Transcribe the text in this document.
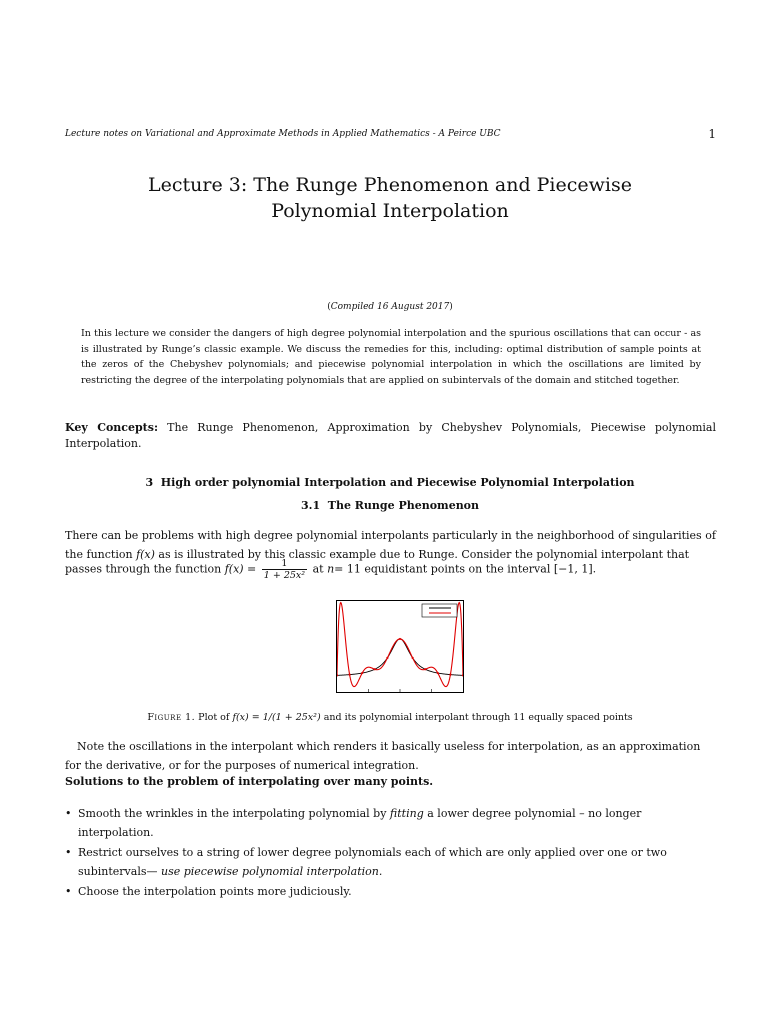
Lecture notes on Variational and Approximate Methods in Applied Mathematics - A Peirce UBC	1
Lecture 3: The Runge Phenomenon and Piecewise
Polynomial Interpolation
(Compiled 16 August 2017)
In this lecture we consider the dangers of high degree polynomial interpolation and the spurious oscillations that can occur - as is illustrated by Runge’s classic example. We discuss the remedies for this, including: optimal distribution of sample points at the zeros of the Chebyshev polynomials; and piecewise polynomial interpolation in which the oscillations are limited by restricting the degree of the interpolating polynomials that are applied on subintervals of the domain and stitched together.
Key Concepts: The Runge Phenomenon, Approximation by Chebyshev Polynomials, Piecewise polynomial Interpolation.
3 High order polynomial Interpolation and Piecewise Polynomial Interpolation
3.1 The Runge Phenomenon
There can be problems with high degree polynomial interpolants particularly in the neighborhood of singularities of the function f(x) as is illustrated by this classic example due to Runge. Consider the polynomial interpolant that
passes through the function $f(x) = \frac{1}{\text{1 + 25x²}}$ at n= 11 equidistant points on the interval [−1, 1].
Figure 1. Plot of f(x) = 1/(1 + 25x²) and its polynomial interpolant through 11 equally spaced points
Note the oscillations in the interpolant which renders it basically useless for interpolation, as an approximation for the derivative, or for the purposes of numerical integration.
Solutions to the problem of interpolating over many points.
• Smooth the wrinkles in the interpolating polynomial by fitting a lower degree polynomial – no longer interpolation.
• Restrict ourselves to a string of lower degree polynomials each of which are only applied over one or two subintervals— use piecewise polynomial interpolation.
• Choose the interpolation points more judiciously.
